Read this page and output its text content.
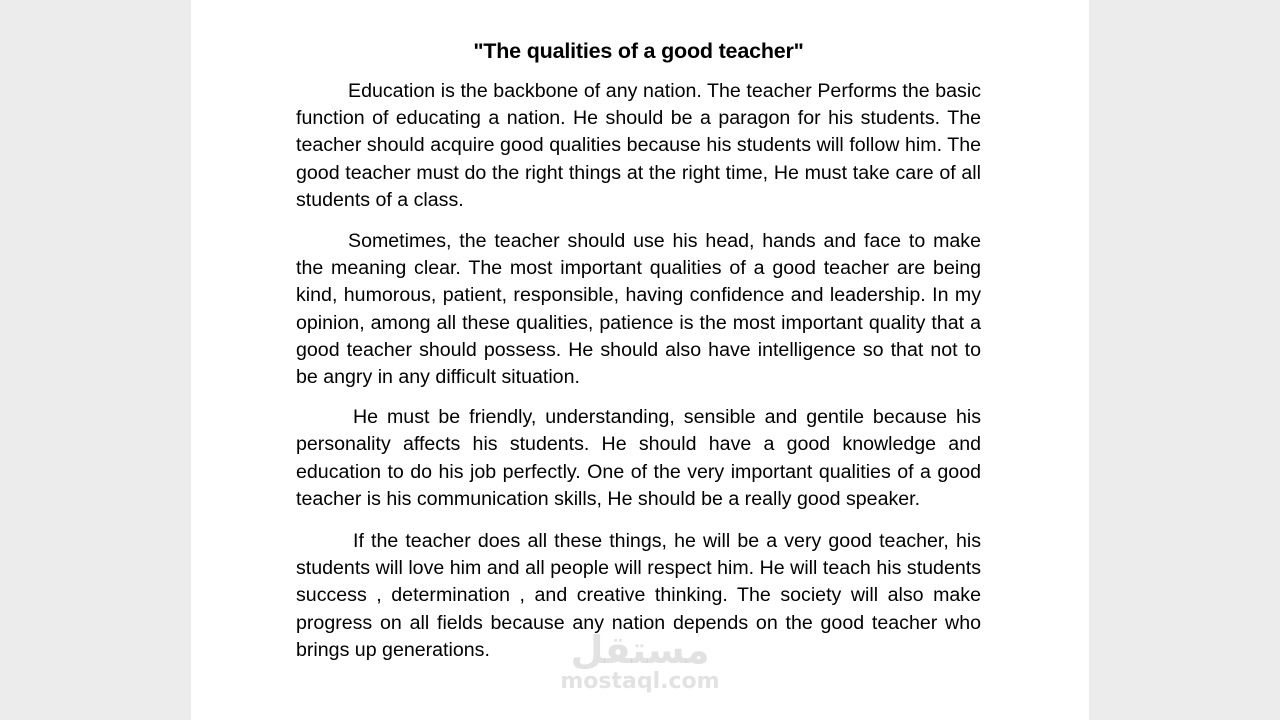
"The qualities of a good teacher"

Education is the backbone of any nation. The teacher Performs the basic function of educating a nation. He should be a paragon for his students. The teacher should acquire good qualities because his students will follow him. The good teacher must do the right things at the right time, He must take care of all students of a class.

Sometimes, the teacher should use his head, hands and face to make the meaning clear. The most important qualities of a good teacher are being kind, humorous, patient, responsible, having confidence and leadership. In my opinion, among all these qualities, patience is the most important quality that a good teacher should possess. He should also have intelligence so that not to be angry in any difficult situation.

He must be friendly, understanding, sensible and gentile because his personality affects his students. He should have a good knowledge and education to do his job perfectly. One of the very important qualities of a good teacher is his communication skills, He should be a really good speaker.

If the teacher does all these things, he will be a very good teacher, his students will love him and all people will respect him. He will teach his students success , determination , and creative thinking. The society will also make progress on all fields because any nation depends on the good teacher who brings up generations.	مستقل
mostaql.com
